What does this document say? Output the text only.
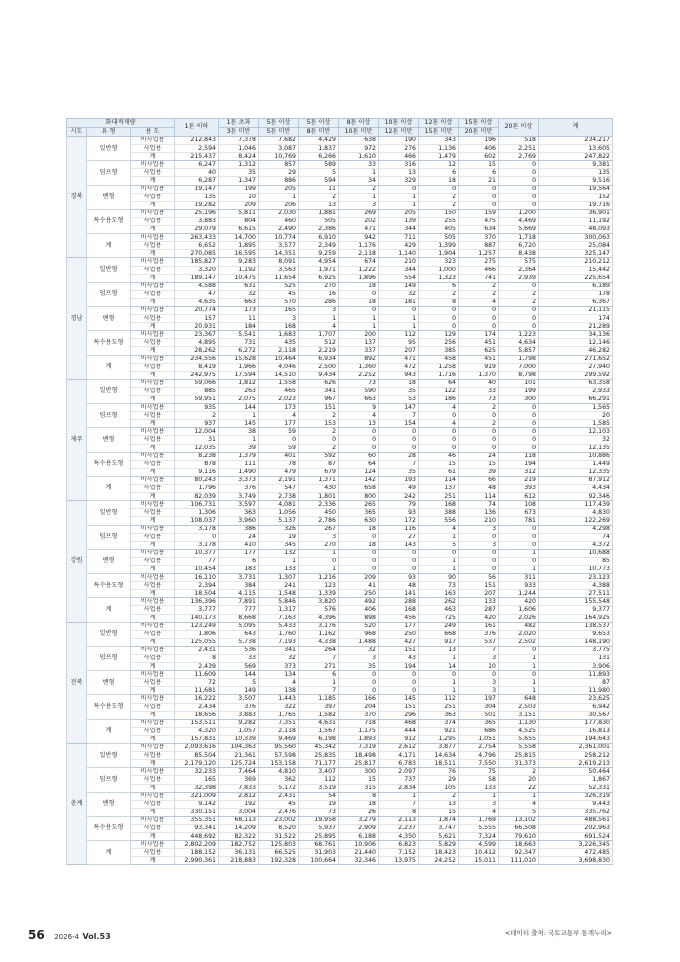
화대적재량			1톤 이하	1톤 초과	5톤 이상	5톤 이상	8톤 이상	10톤 이상	12톤 이상	15톤 이상	20톤 이상	계
시도	유 형	용 도		3톤 미만	5톤 미만	8톤 미만	10톤 미만	12톤 미만	15톤 미만	20톤 미만		
경북	일반형	비사업용	212,843	7,378	7,682	4,429	638	190	343	196	518	234,217
		사업용	2,594	1,046	3,087	1,837	972	276	1,136	406	2,251	13,605
		계	215,437	8,424	10,769	6,266	1,610	466	1,479	602	2,769	247,822
	덤프형	비사업용	6,247	1,312	857	589	33	316	12	15	0	9,381
		사업용	40	35	29	5	1	13	6	6	0	135
		계	6,287	1,347	886	594	34	329	18	21	0	9,516
	밴형	비사업용	19,147	199	205	11	2	0	0	0	0	19,564
		사업용	135	10	1	2	1	1	2	0	0	152
		계	19,282	209	206	13	3	1	2	0	0	19,716
	특수용도형	비사업용	25,196	5,811	2,030	1,881	269	205	150	159	1,200	36,901
		사업용	3,883	804	460	505	202	139	255	475	4,469	11,192
		계	29,079	6,615	2,490	2,386	471	344	405	634	5,669	48,093
	계	비사업용	263,433	14,700	10,774	6,910	942	711	505	370	1,718	300,063
		사업용	6,652	1,895	3,577	2,349	1,176	429	1,399	887	6,720	25,084
		계	270,085	16,595	14,351	9,259	2,118	1,140	1,904	1,257	8,438	325,147
경남	일반형	비사업용	185,827	9,283	8,091	4,954	674	210	323	275	575	210,212
		사업용	3,320	1,192	3,563	1,971	1,222	344	1,000	466	2,364	15,442
		계	189,147	10,475	11,654	6,925	1,896	554	1,323	741	2,939	225,654
	덤프형	비사업용	4,588	631	525	270	18	149	6	2	0	6,189
		사업용	47	32	45	16	0	32	2	2	2	178
		계	4,635	663	570	286	18	181	8	4	2	6,367
	밴형	비사업용	20,774	173	165	3	0	0	0	0	0	21,115
		사업용	157	11	3	1	1	1	0	0	0	174
		계	20,931	184	168	4	1	1	0	0	0	21,289
	특수용도형	비사업용	23,367	5,541	1,683	1,707	200	112	129	174	1,223	34,136
		사업용	4,895	731	435	512	137	95	256	451	4,634	12,146
		계	28,262	6,272	2,118	2,219	337	207	385	625	5,857	46,282
	계	비사업용	234,556	15,628	10,464	6,934	892	471	458	451	1,798	271,652
		사업용	8,419	1,966	4,046	2,500	1,360	472	1,258	919	7,000	27,940
		계	242,975	17,594	14,510	9,434	2,252	943	1,716	1,370	8,798	299,592
제주	일반형	비사업용	59,066	1,812	1,558	626	73	18	64	40	101	63,358
		사업용	885	263	465	341	590	35	122	33	199	2,933
		계	59,951	2,075	2,023	967	663	53	186	73	300	66,291
	덤프형	비사업용	935	144	173	151	9	147	4	2	0	1,565
		사업용	2	1	4	2	4	7	0	0	0	20
		계	937	145	177	153	13	154	4	2	0	1,585
	밴형	비사업용	12,004	38	59	2	0	0	0	0	0	12,103
		사업용	31	1	0	0	0	0	0	0	0	32
		계	12,035	39	59	2	0	0	0	0	0	12,135
	특수용도형	비사업용	8,238	1,379	401	592	60	28	46	24	118	10,886
		사업용	878	111	78	87	64	7	15	15	194	1,449
		계	9,116	1,490	479	679	124	35	61	39	312	12,335
	계	비사업용	80,243	3,373	2,191	1,371	142	193	114	66	219	87,912
		사업용	1,796	376	547	430	658	49	137	48	393	4,434
		계	82,039	3,749	2,738	1,801	800	242	251	114	612	92,346
강원	일반형	비사업용	106,731	3,597	4,081	2,336	265	79	168	74	108	117,439
		사업용	1,306	363	1,056	450	365	93	388	136	673	4,830
		계	108,037	3,960	5,137	2,786	630	172	556	210	781	122,269
	덤프형	비사업용	3,178	386	326	267	18	116	4	3	0	4,298
		사업용	0	24	19	3	0	27	1	0	0	74
		계	3,178	410	345	270	18	143	5	3	0	4,372
	밴형	비사업용	10,377	177	132	1	0	0	0	0	1	10,688
		사업용	77	6	1	0	0	0	1	0	0	85
		계	10,454	183	133	1	0	0	1	0	1	10,773
	특수용도형	비사업용	16,110	3,731	1,307	1,216	209	93	90	56	311	23,123
		사업용	2,394	384	241	123	41	48	73	151	933	4,388
		계	18,504	4,115	1,548	1,339	250	141	163	207	1,244	27,511
	계	비사업용	136,396	7,891	5,846	3,820	492	288	262	133	420	155,548
		사업용	3,777	777	1,317	576	406	168	463	287	1,606	9,377
		계	140,173	8,668	7,163	4,396	898	456	725	420	2,026	164,925
전북	일반형	비사업용	123,249	5,095	5,433	3,176	520	177	249	161	482	138,537
		사업용	1,806	643	1,760	1,162	968	250	668	376	2,020	9,653
		계	125,055	5,738	7,193	4,338	1,488	427	917	537	2,502	148,190
	덤프형	비사업용	2,431	536	341	264	32	151	13	7	0	3,775
		사업용	8	33	32	7	3	43	1	3	1	131
		계	2,439	569	373	271	35	194	14	10	1	3,906
	밴형	비사업용	11,609	144	134	6	0	0	0	0	0	11,893
		사업용	72	5	4	1	0	0	1	3	1	87
		계	11,681	149	138	7	0	0	1	3	1	11,980
	특수용도형	비사업용	16,222	3,507	1,443	1,185	166	145	112	197	648	23,625
		사업용	2,434	376	322	397	204	151	251	304	2,503	6,942
		계	18,656	3,883	1,765	1,582	370	296	363	501	3,151	30,567
	계	비사업용	153,511	9,282	7,351	4,631	718	468	374	365	1,130	177,830
		사업용	4,320	1,057	2,118	1,567	1,175	444	921	686	4,525	16,813
		계	157,831	10,339	9,469	6,198	1,893	912	1,295	1,051	5,655	194,643
총계	일반형	비사업용	2,093,616	104,363	95,560	45,342	7,319	2,612	3,877	2,754	5,558	2,361,001
		사업용	85,504	21,361	57,598	25,835	18,498	4,171	14,634	4,796	25,815	258,212
		계	2,179,120	125,724	153,158	71,177	25,817	6,783	18,511	7,550	31,373	2,619,213
	덤프형	비사업용	32,233	7,464	4,810	3,407	300	2,097	76	75	2	50,464
		사업용	165	369	362	112	15	737	29	58	20	1,867
		계	32,398	7,833	5,172	3,519	315	2,834	105	133	22	52,331
	밴형	비사업용	321,009	2,812	2,431	54	8	1	2	1	1	326,319
		사업용	9,142	192	45	19	18	7	13	3	4	9,443
		계	330,151	3,004	2,476	73	26	8	15	4	5	335,762
	특수용도형	비사업용	355,351	68,113	23,002	19,958	3,279	2,113	1,874	1,769	13,102	488,561
		사업용	93,341	14,209	8,520	5,937	2,909	2,237	3,747	5,555	66,508	202,963
		계	448,692	82,322	31,522	25,895	6,188	4,350	5,621	7,324	79,610	691,524
	계	비사업용	2,802,209	182,752	125,803	68,761	10,906	6,823	5,829	4,599	18,663	3,226,345
		사업용	188,152	36,131	66,525	31,903	21,440	7,152	18,423	10,412	92,347	472,485
		계	2,990,361	218,883	192,328	100,664	32,346	13,975	24,252	15,011	111,010	3,698,830
<데이터 출처: 국토교통부 통계누리>
56 2026-4 Vol.53
